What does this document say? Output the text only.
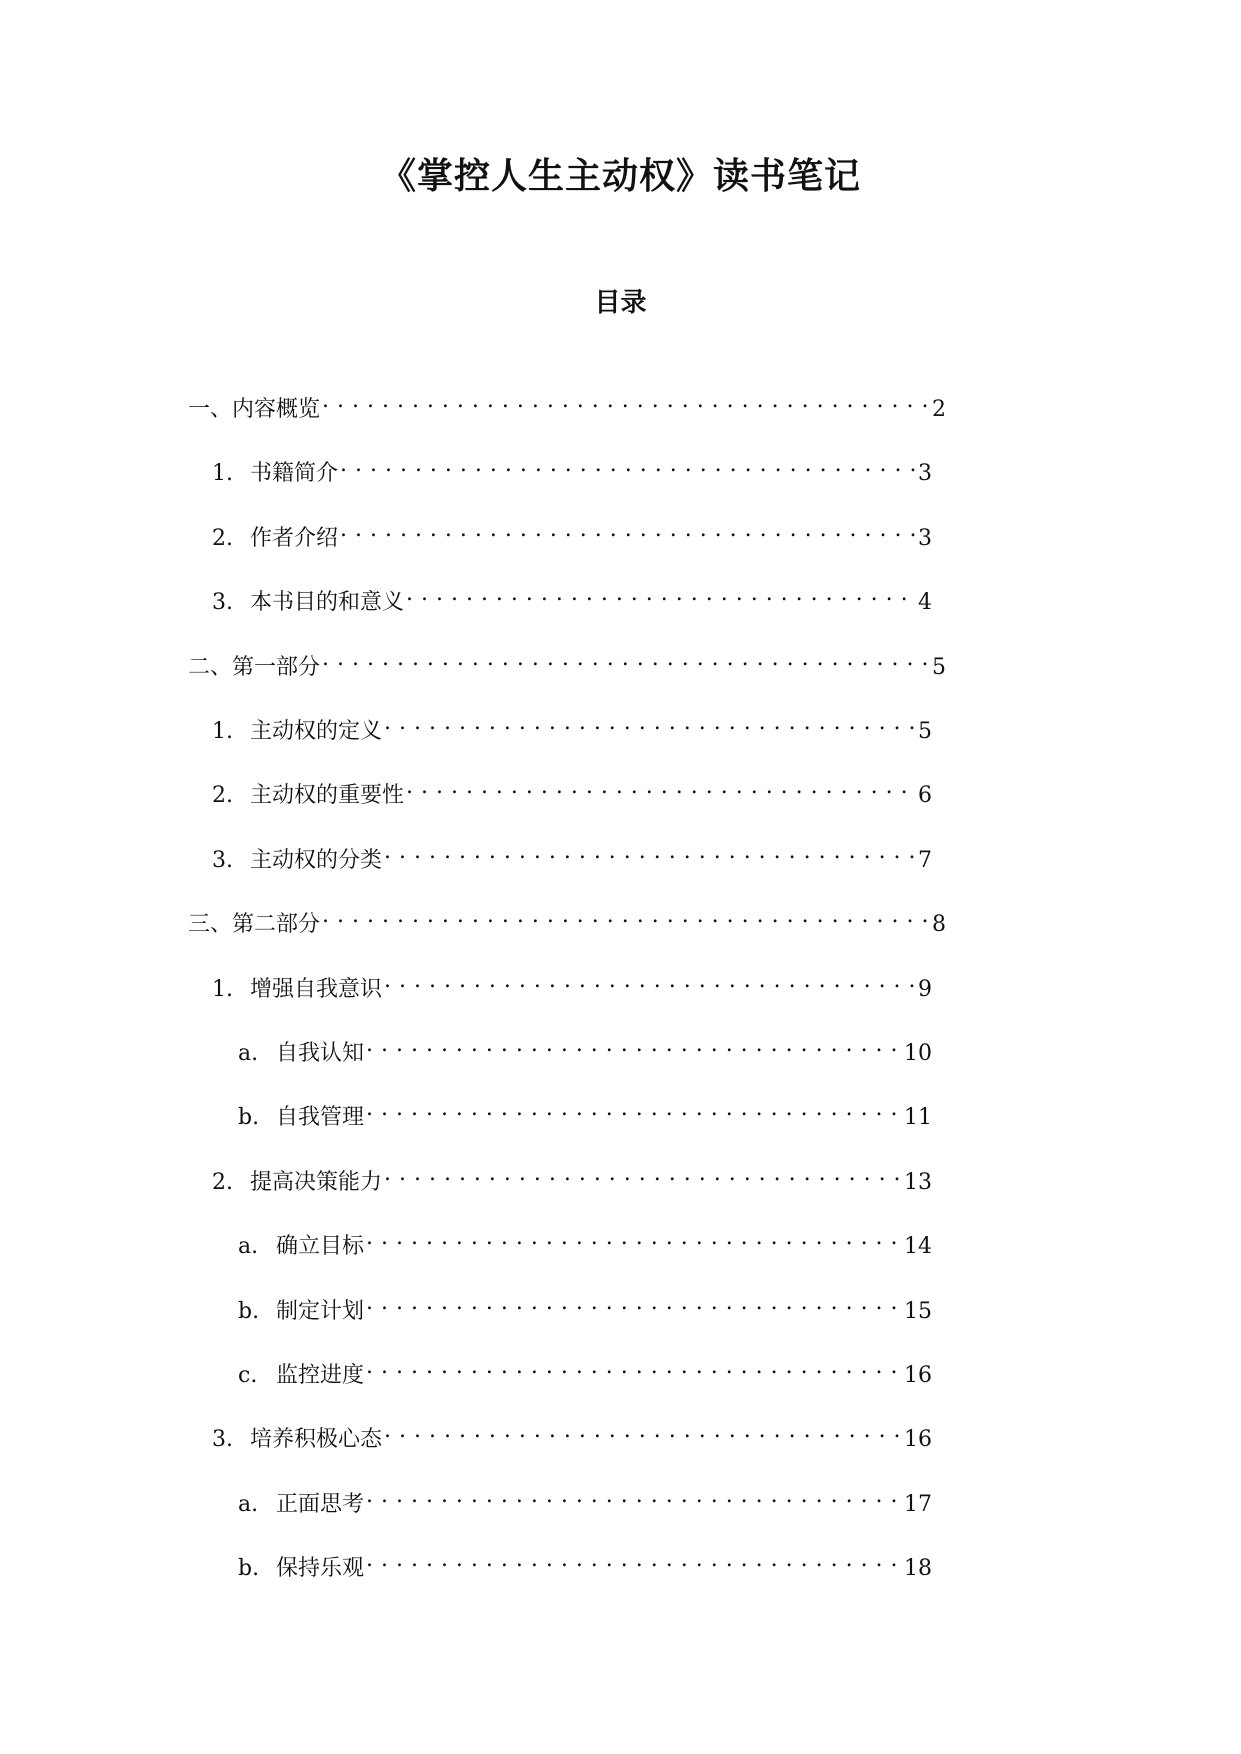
《掌控人生主动权》读书笔记
目录
一、 内容概览 . . .	2
1. 书籍简介 . . .	3
2. 作者介绍 . . .	3
3. 本书目的和意义 . . .	4
二、 第一部分 . . .	5
1. 主动权的定义 . . .	5
2. 主动权的重要性 . . .	6
3. 主动权的分类 . . .	7
三、 第二部分 . . .	8
1. 增强自我意识 . . .	9
a. 自我认知 . . .	10
b. 自我管理 . . .	11
2. 提高决策能力 . . .	13
a. 确立目标 . . .	14
b. 制定计划 . . .	15
c. 监控进度 . . .	16
3. 培养积极心态 . . .	16
a. 正面思考 . . .	17
b. 保持乐观 . . .	18
